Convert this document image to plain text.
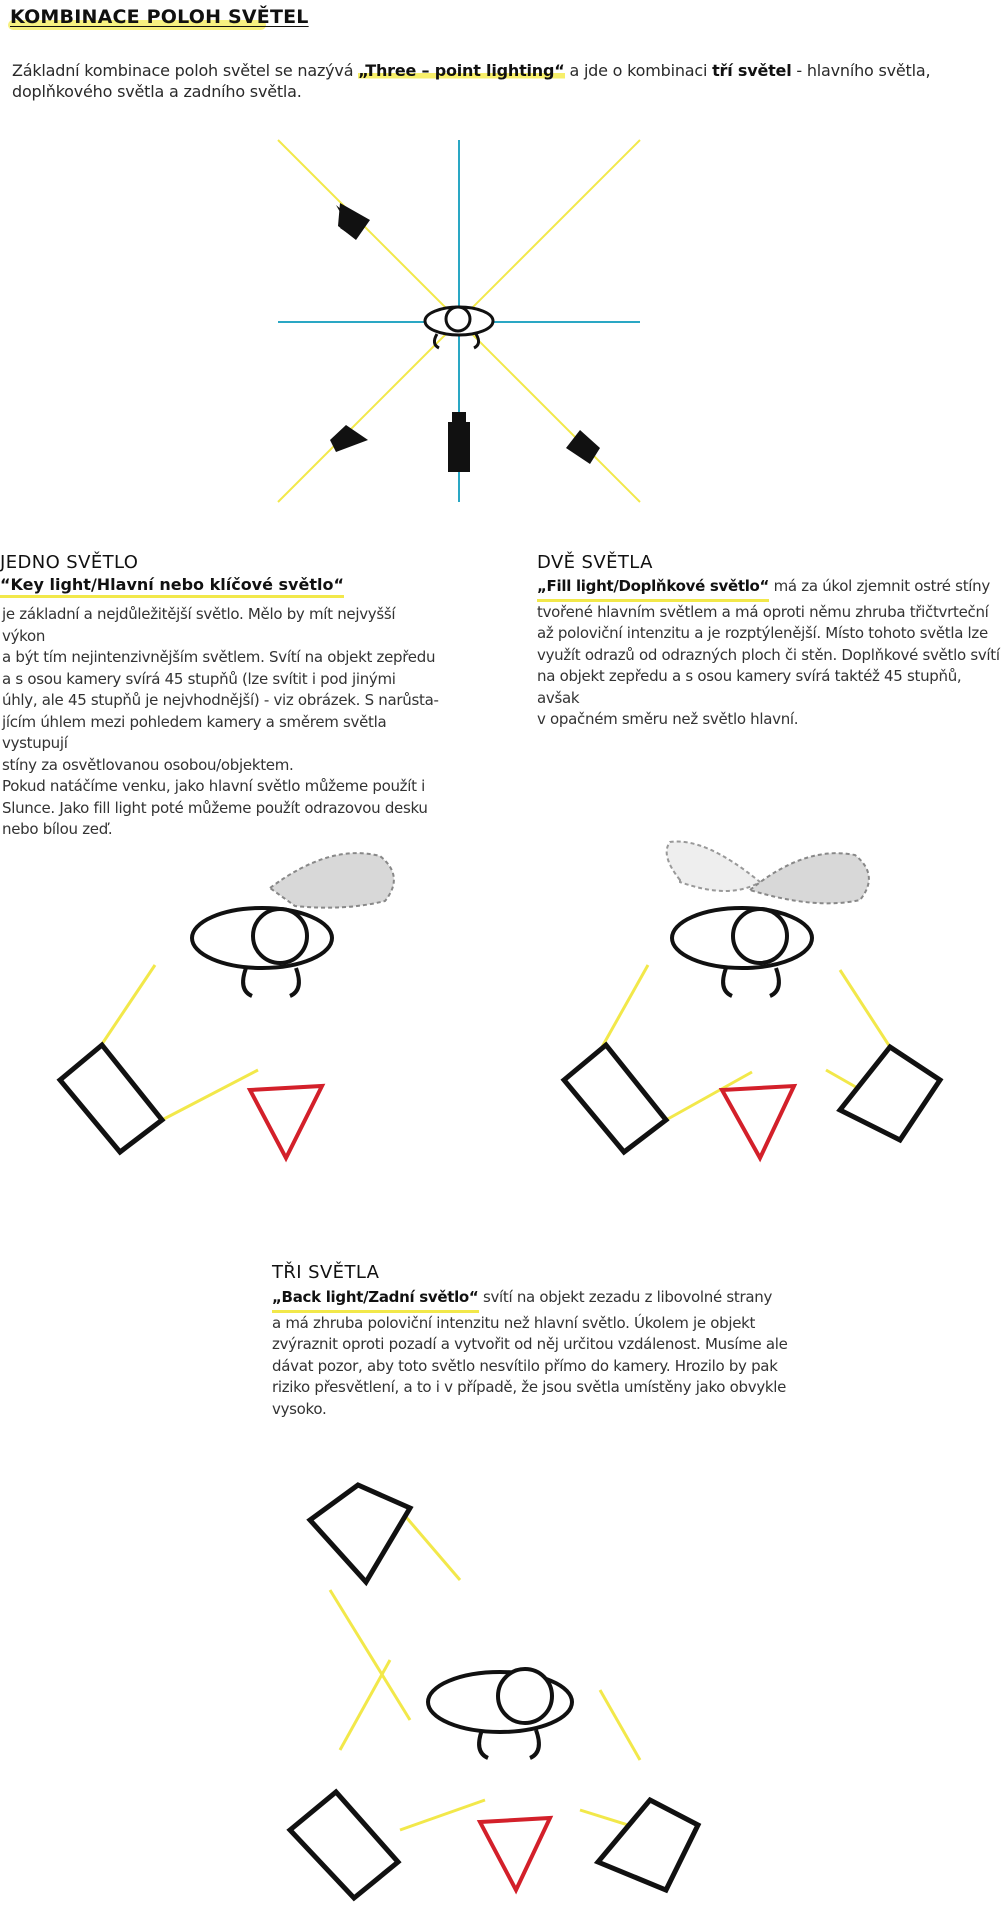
KOMBINACE POLOH SVĚTEL
Základní kombinace poloh světel se nazývá „Three – point lighting“ a jde o kombinaci tří světel - hlavního světla, doplňkového světla a zadního světla.
JEDNO SVĚTLO
“Key light/Hlavní nebo klíčové světlo“
je základní a nejdůležitější světlo. Mělo by mít nejvyšší výkon
a být tím nejintenzivnějším světlem. Svítí na objekt zepředu
a s osou kamery svírá 45 stupňů (lze svítit i pod jinými
úhly, ale 45 stupňů je nejvhodnější) - viz obrázek. S narůsta-
jícím úhlem mezi pohledem kamery a směrem světla vystupují
stíny za osvětlovanou osobou/objektem.
Pokud natáčíme venku, jako hlavní světlo můžeme použít i
Slunce. Jako fill light poté můžeme použít odrazovou desku
nebo bílou zeď.
DVĚ SVĚTLA
„Fill light/Doplňkové světlo“ má za úkol zjemnit ostré stíny
tvořené hlavním světlem a má oproti němu zhruba třičtvrteční
až poloviční intenzitu a je rozptýlenější. Místo tohoto světla lze
využít odrazů od odrazných ploch či stěn. Doplňkové světlo svítí
na objekt zepředu a s osou kamery svírá taktéž 45 stupňů, avšak
v opačném směru než světlo hlavní.
TŘI SVĚTLA
„Back light/Zadní světlo“ svítí na objekt zezadu z libovolné strany
a má zhruba poloviční intenzitu než hlavní světlo. Úkolem je objekt
zvýraznit oproti pozadí a vytvořit od něj určitou vzdálenost. Musíme ale
dávat pozor, aby toto světlo nesvítilo přímo do kamery. Hrozilo by pak
riziko přesvětlení, a to i v případě, že jsou světla umístěny jako obvykle
vysoko.
